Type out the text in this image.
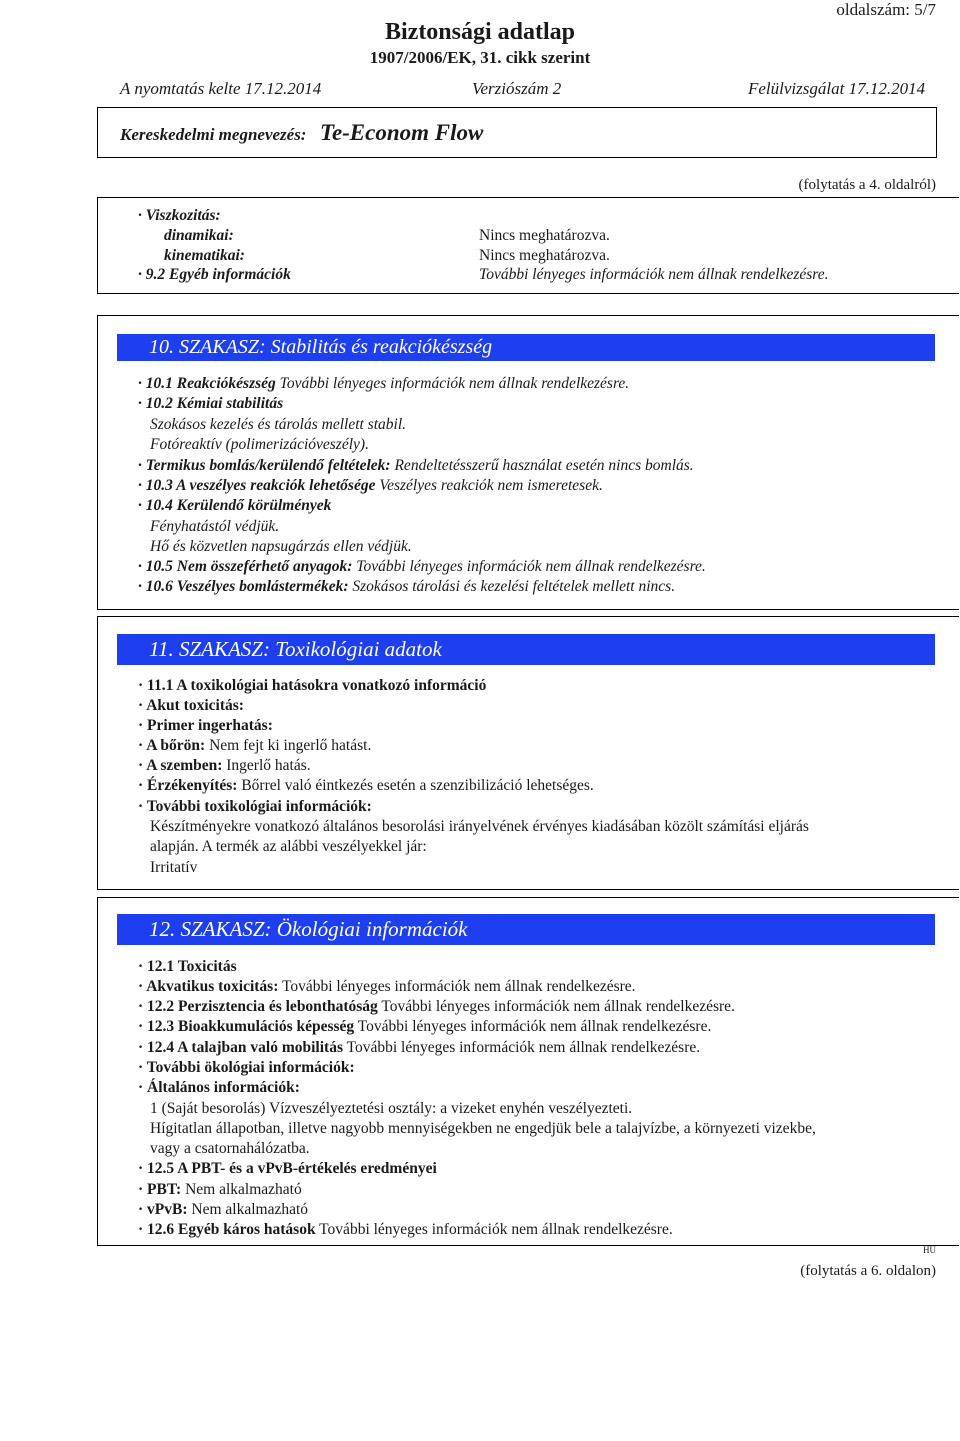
oldalszám: 5/7
Biztonsági adatlap
1907/2006/EK, 31. cikk szerint
A nyomtatás kelte 17.12.2014	Verziószám 2	Felülvizsgálat 17.12.2014
Kereskedelmi megnevezés: Te-Econom Flow
(folytatás a 4. oldalról)
· Viszkozitás:
dinamikai:	Nincs meghatározva.
kinematikai:	Nincs meghatározva.
· 9.2 Egyéb információk	További lényeges információk nem állnak rendelkezésre.
10. SZAKASZ: Stabilitás és reakciókészség
· 10.1 Reakciókészség További lényeges információk nem állnak rendelkezésre.
· 10.2 Kémiai stabilitás
Szokásos kezelés és tárolás mellett stabil.
Fotóreaktív (polimerizációveszély).
· Termikus bomlás/kerülendő feltételek: Rendeltetésszerű használat esetén nincs bomlás.
· 10.3 A veszélyes reakciók lehetősége Veszélyes reakciók nem ismeretesek.
· 10.4 Kerülendő körülmények
Fényhatástól védjük.
Hő és közvetlen napsugárzás ellen védjük.
· 10.5 Nem összeférhető anyagok: További lényeges információk nem állnak rendelkezésre.
· 10.6 Veszélyes bomlástermékek: Szokásos tárolási és kezelési feltételek mellett nincs.
11. SZAKASZ: Toxikológiai adatok
· 11.1 A toxikológiai hatásokra vonatkozó információ
· Akut toxicitás:
· Primer ingerhatás:
· A bőrön: Nem fejt ki ingerlő hatást.
· A szemben: Ingerlő hatás.
· Érzékenyítés: Bőrrel való éintkezés esetén a szenzibilizáció lehetséges.
· További toxikológiai információk:
Készítményekre vonatkozó általános besorolási irányelvének érvényes kiadásában közölt számítási eljárás
alapján. A termék az alábbi veszélyekkel jár:
Irritatív
12. SZAKASZ: Ökológiai információk
· 12.1 Toxicitás
· Akvatikus toxicitás: További lényeges információk nem állnak rendelkezésre.
· 12.2 Perzisztencia és lebonthatóság További lényeges információk nem állnak rendelkezésre.
· 12.3 Bioakkumulációs képesség További lényeges információk nem állnak rendelkezésre.
· 12.4 A talajban való mobilitás További lényeges információk nem állnak rendelkezésre.
· További ökológiai információk:
· Általános információk:
1 (Saját besorolás) Vízveszélyeztetési osztály: a vizeket enyhén veszélyezteti.
Hígitatlan állapotban, illetve nagyobb mennyiségekben ne engedjük bele a talajvízbe, a környezeti vizekbe,
vagy a csatornahálózatba.
· 12.5 A PBT- és a vPvB-értékelés eredményei
· PBT: Nem alkalmazható
· vPvB: Nem alkalmazható
· 12.6 Egyéb káros hatások További lényeges információk nem állnak rendelkezésre.
HU
(folytatás a 6. oldalon)
